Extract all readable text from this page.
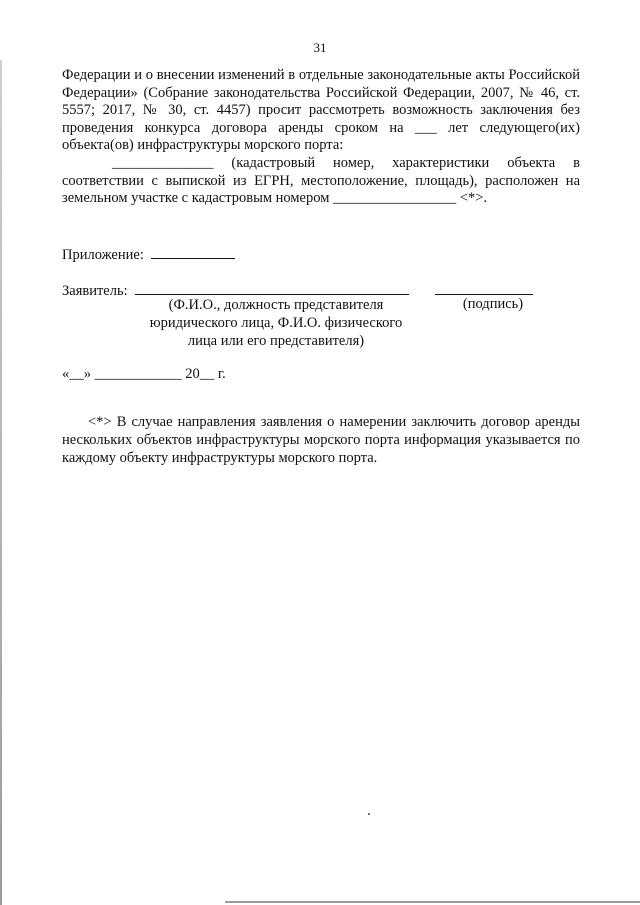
31
Федерации и о внесении изменений в отдельные законодательные акты Российской Федерации» (Собрание законодательства Российской Федерации, 2007, № 46, ст. 5557; 2017, № 30, ст. 4457) просит рассмотреть возможность заключения без проведения конкурса договора аренды сроком на ___ лет следующего(их) объекта(ов) инфраструктуры морского порта:
______________ (кадастровый номер, характеристики объекта в соответствии с выпиской из ЕГРН, местоположение, площадь), расположен на земельном участке с кадастровым номером _________________ <*>.
Приложение:
Заявитель:
(Ф.И.О., должность представителя юридического лица, Ф.И.О. физического лица или его представителя)
(подпись)
«__» ____________ 20__ г.
<*> В случае направления заявления о намерении заключить договор аренды нескольких объектов инфраструктуры морского порта информация указывается по каждому объекту инфраструктуры морского порта.
